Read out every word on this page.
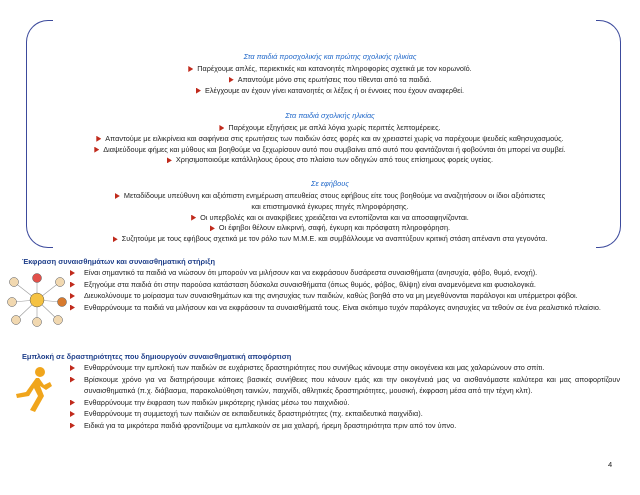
Στα παιδιά προσχολικής και πρώτης σχολικής ηλικίας
Παρέχουμε απλές, περιεκτικές και κατανοητές πληροφορίες σχετικά με τον κορωνοϊό.
Απαντούμε μόνο στις ερωτήσεις που τίθενται από τα παιδιά.
Ελέγχουμε αν έχουν γίνει κατανοητές οι λέξεις ή οι έννοιες που έχουν αναφερθεί.
Στα παιδιά σχολικής ηλικίας
Παρέχουμε εξηγήσεις με απλά λόγια χωρίς περιττές λεπτομέρειες.
Απαντούμε με ειλικρίνεια και σαφήνεια στις ερωτήσεις των παιδιών όσες φορές και αν χρειαστεί χωρίς να παρέχουμε ψευδείς καθησυχασμούς.
Διαψεύδουμε φήμες και μύθους και βοηθούμε να ξεχωρίσουν αυτό που συμβαίνει από αυτό που φαντάζονται ή φοβούνται ότι μπορεί να συμβεί.
Χρησιμοποιούμε κατάλληλους όρους στο πλαίσιο των οδηγιών από τους επίσημους φορείς υγείας.
Σε εφήβους
Μεταδίδουμε υπεύθυνη και αξιόπιστη ενημέρωση απευθείας στους εφήβους είτε τους βοηθούμε να αναζητήσουν οι ίδιοι αξιόπιστες
και επιστημονικά έγκυρες πηγές πληροφόρησης.
Οι υπερβολές και οι ανακρίβειες χρειάζεται να εντοπίζονται και να αποσαφηνίζονται.
Οι έφηβοι θέλουν ειλικρινή, σαφή, έγκυρη και πρόσφατη πληροφόρηση.
Συζητούμε με τους εφήβους σχετικά με τον ρόλο των Μ.Μ.Ε. και συμβάλλουμε να αναπτύξουν κριτική στάση απέναντι στα γεγονότα.
Έκφραση συναισθημάτων και συναισθηματική στήριξη
Είναι σημαντικό τα παιδιά να νιώσουν ότι μπορούν να μιλήσουν και να εκφράσουν δυσάρεστα συναισθήματα (ανησυχία, φόβο, θυμό, ενοχή).
Εξηγούμε στα παιδιά ότι στην παρούσα κατάσταση δύσκολα συναισθήματα (όπως θυμός, φόβος, θλίψη) είναι αναμενόμενα και φυσιολογικά.
Διευκολύνουμε το μοίρασμα των συναισθημάτων και της ανησυχίας των παιδιών, καθώς βοηθά στο να μη μεγεθύνονται παράλογοι και υπέρμετροι φόβοι.
Ενθαρρύνουμε τα παιδιά να μιλήσουν και να εκφράσουν τα συναισθήματά τους. Είναι σκόπιμο τυχόν παράλογες ανησυχίες να τεθούν σε ένα ρεαλιστικό πλαίσιο.
Εμπλοκή σε δραστηριότητες που δημιουργούν συναισθηματική αποφόρτιση
Ενθαρρύνουμε την εμπλοκή των παιδιών σε ευχάριστες δραστηριότητες που συνήθως κάνουμε στην οικογένεια και μας χαλαρώνουν στο σπίτι.
Βρίσκουμε χρόνο για να διατηρήσουμε κάποιες βασικές συνήθειες που κάνουν εμάς και την οικογένειά μας να αισθανόμαστε καλύτερα και μας αποφορτίζουν συναισθηματικά (π.χ. διάβασμα, παρακολούθηση ταινιών, παιχνίδι, αθλητικές δραστηριότητες, μουσική, έκφραση μέσα από την τέχνη κλπ).
Ενθαρρύνουμε την έκφραση των παιδιών μικρότερης ηλικίας μέσω του παιχνιδιού.
Ενθαρρύνουμε τη συμμετοχή των παιδιών σε εκπαιδευτικές δραστηριότητες (πχ. εκπαιδευτικά παιχνίδια).
Ειδικά για τα μικρότερα παιδιά φροντίζουμε να εμπλακούν σε μια χαλαρή, ήρεμη δραστηριότητα πριν από τον ύπνο.
4
